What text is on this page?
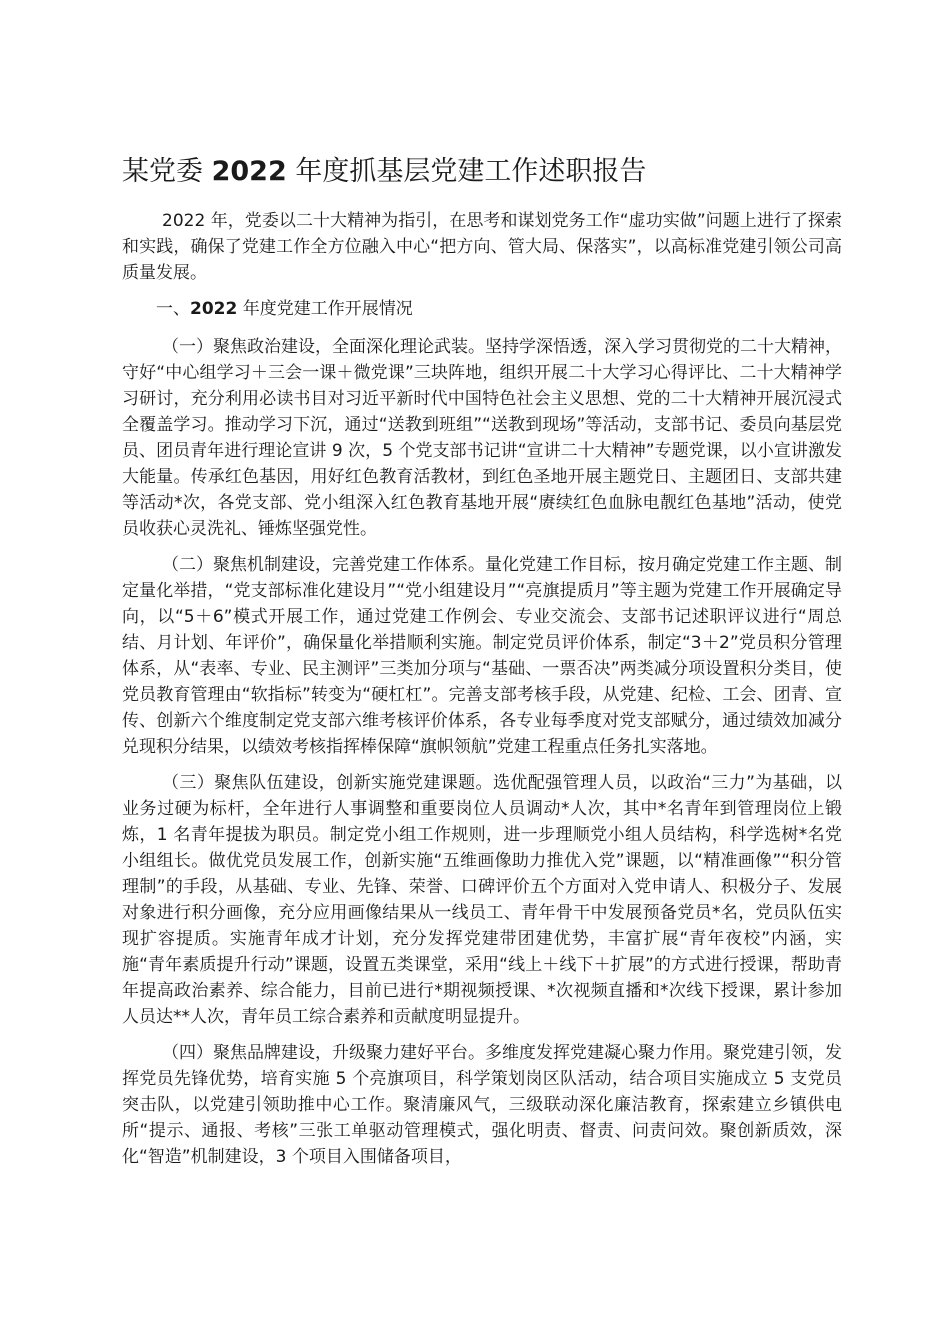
某党委 2022 年度抓基层党建工作述职报告

2022 年，党委以二十大精神为指引，在思考和谋划党务工作“虚功实做”问题上进行了探索和实践，确保了党建工作全方位融入中心“把方向、管大局、保落实”，以高标准党建引领公司高质量发展。

一、2022 年度党建工作开展情况

（一）聚焦政治建设，全面深化理论武装。坚持学深悟透，深入学习贯彻党的二十大精神，守好“中心组学习＋三会一课＋微党课”三块阵地，组织开展二十大学习心得评比、二十大精神学习研讨，充分利用必读书目对习近平新时代中国特色社会主义思想、党的二十大精神开展沉浸式全覆盖学习。推动学习下沉，通过“送教到班组”“送教到现场”等活动，支部书记、委员向基层党员、团员青年进行理论宣讲 9 次，5 个党支部书记讲“宣讲二十大精神”专题党课，以小宣讲激发大能量。传承红色基因，用好红色教育活教材，到红色圣地开展主题党日、主题团日、支部共建等活动*次，各党支部、党小组深入红色教育基地开展“赓续红色血脉电靓红色基地”活动，使党员收获心灵洗礼、锤炼坚强党性。

（二）聚焦机制建设，完善党建工作体系。量化党建工作目标，按月确定党建工作主题、制定量化举措，“党支部标准化建设月”“党小组建设月”“亮旗提质月”等主题为党建工作开展确定导向，以“5＋6”模式开展工作，通过党建工作例会、专业交流会、支部书记述职评议进行“周总结、月计划、年评价”，确保量化举措顺利实施。制定党员评价体系，制定“3＋2”党员积分管理体系，从“表率、专业、民主测评”三类加分项与“基础、一票否决”两类减分项设置积分类目，使党员教育管理由“软指标”转变为“硬杠杠”。完善支部考核手段，从党建、纪检、工会、团青、宣传、创新六个维度制定党支部六维考核评价体系，各专业每季度对党支部赋分，通过绩效加减分兑现积分结果，以绩效考核指挥棒保障“旗帜领航”党建工程重点任务扎实落地。

（三）聚焦队伍建设，创新实施党建课题。选优配强管理人员，以政治“三力”为基础，以业务过硬为标杆，全年进行人事调整和重要岗位人员调动*人次，其中*名青年到管理岗位上锻炼，1 名青年提拔为职员。制定党小组工作规则，进一步理顺党小组人员结构，科学选树*名党小组组长。做优党员发展工作，创新实施“五维画像助力推优入党”课题，以“精准画像”“积分管理制”的手段，从基础、专业、先锋、荣誉、口碑评价五个方面对入党申请人、积极分子、发展对象进行积分画像，充分应用画像结果从一线员工、青年骨干中发展预备党员*名，党员队伍实现扩容提质。实施青年成才计划，充分发挥党建带团建优势，丰富扩展“青年夜校”内涵，实施“青年素质提升行动”课题，设置五类课堂，采用“线上＋线下＋扩展”的方式进行授课，帮助青年提高政治素养、综合能力，目前已进行*期视频授课、*次视频直播和*次线下授课，累计参加人员达**人次，青年员工综合素养和贡献度明显提升。

（四）聚焦品牌建设，升级聚力建好平台。多维度发挥党建凝心聚力作用。聚党建引领，发挥党员先锋优势，培育实施 5 个亮旗项目，科学策划岗区队活动，结合项目实施成立 5 支党员突击队，以党建引领助推中心工作。聚清廉风气，三级联动深化廉洁教育，探索建立乡镇供电所“提示、通报、考核”三张工单驱动管理模式，强化明责、督责、问责问效。聚创新质效，深化“智造”机制建设，3 个项目入围储备项目，
